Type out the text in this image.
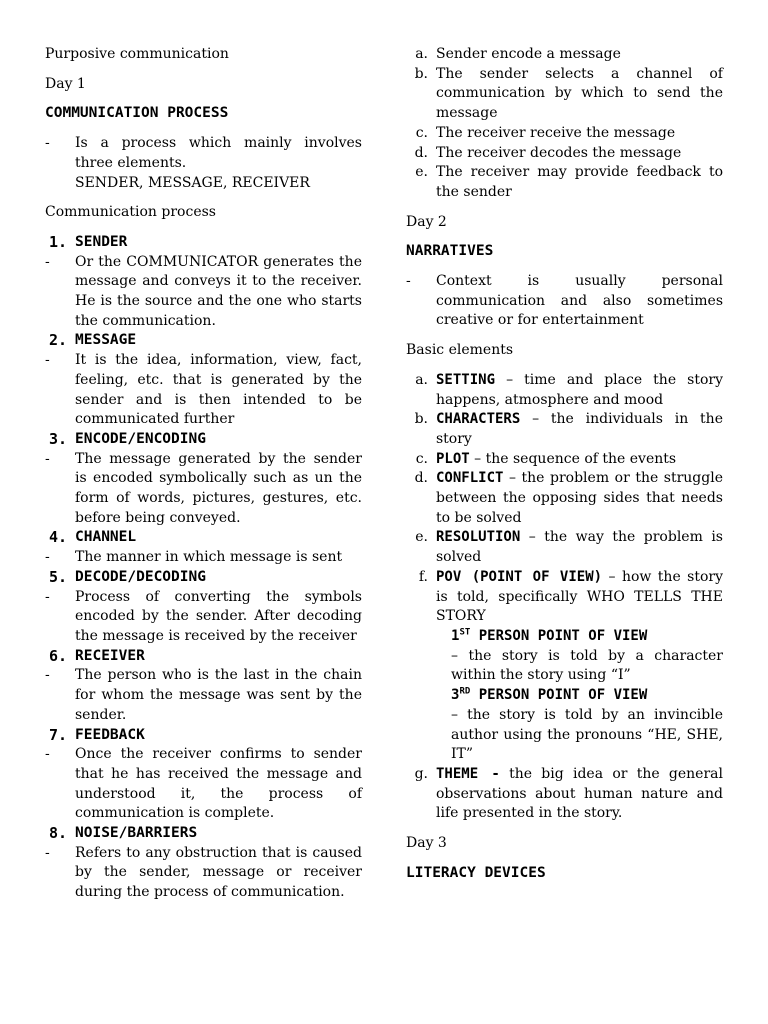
Purposive communication

Day 1

COMMUNICATION PROCESS

-	Is a process which mainly involves three elements.

SENDER, MESSAGE, RECEIVER

Communication process

1. SENDER
-	Or the COMMUNICATOR generates the message and conveys it to the receiver. He is the source and the one who starts the communication.

2. MESSAGE
-	It is the idea, information, view, fact, feeling, etc. that is generated by the sender and is then intended to be communicated further

3. ENCODE/ENCODING
-	The message generated by the sender is encoded symbolically such as un the form of words, pictures, gestures, etc. before being conveyed.

4. CHANNEL
-	The manner in which message is sent

5. DECODE/DECODING
-	Process of converting the symbols encoded by the sender. After decoding the message is received by the receiver

6. RECEIVER
-	The person who is the last in the chain for whom the message was sent by the sender.

7. FEEDBACK
-	Once the receiver confirms to sender that he has received the message and understood it, the process of communication is complete.

8. NOISE/BARRIERS
-	Refers to any obstruction that is caused by the sender, message or receiver during the process of communication.

a. Sender encode a message

b. The sender selects a channel of communication by which to send the message

c. The receiver receive the message

d. The receiver decodes the message

e. The receiver may provide feedback to the sender

Day 2

NARRATIVES

-	Context is usually personal communication and also sometimes creative or for entertainment

Basic elements

a. SETTING – time and place the story happens, atmosphere and mood

b. CHARACTERS – the individuals in the story

c. PLOT – the sequence of the events

d. CONFLICT – the problem or the struggle between the opposing sides that needs to be solved

e. RESOLUTION – the way the problem is solved

f. POV (POINT OF VIEW) – how the story is told, specifically WHO TELLS THE STORY

1ST PERSON POINT OF VIEW

– the story is told by a character within the story using “I”

3RD PERSON POINT OF VIEW

– the story is told by an invincible author using the pronouns “HE, SHE, IT”

g. THEME - the big idea or the general observations about human nature and life presented in the story.

Day 3

LITERACY DEVICES
